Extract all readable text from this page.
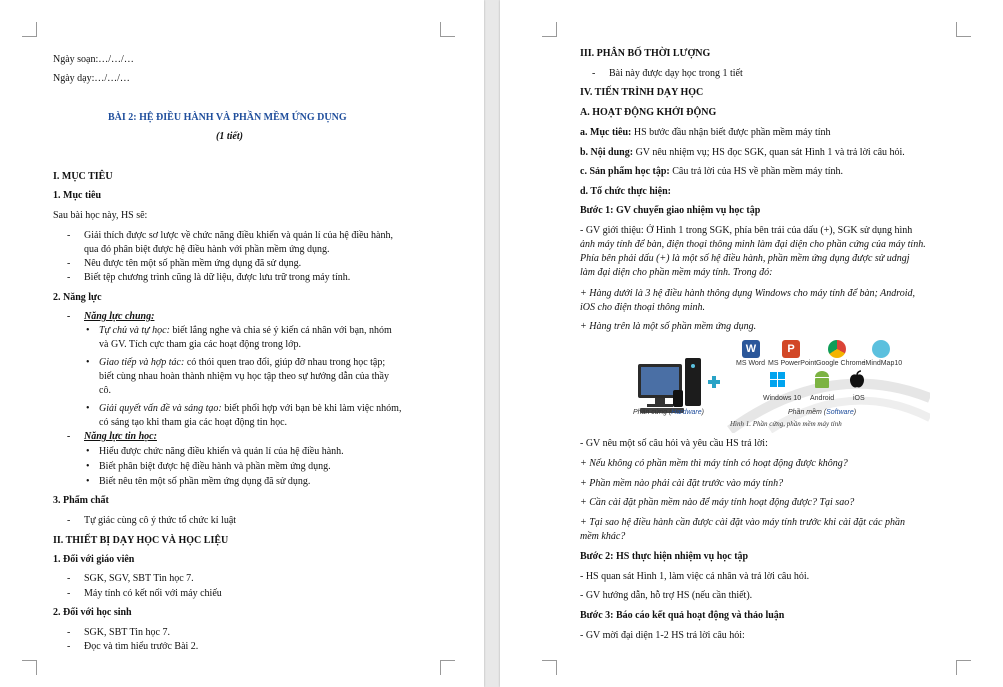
Ngày soạn:…/…/…
Ngày dạy:…/…/…
BÀI 2: HỆ ĐIỀU HÀNH VÀ PHẦN MỀM ỨNG DỤNG
(1 tiết)
I. MỤC TIÊU
1. Mục tiêu
Sau bài học này, HS sẽ:
- Giải thích được sơ lược về chức năng điều khiển và quản lí của hệ điều hành,
qua đó phân biệt được hệ điều hành với phần mềm ứng dụng.
- Nêu được tên một số phần mềm ứng dụng đã sử dụng.
- Biết tệp chương trình cũng là dữ liệu, được lưu trữ trong máy tính.
2. Năng lực
- Năng lực chung:
• Tự chủ và tự học: biết lắng nghe và chia sẻ ý kiến cá nhân với bạn, nhóm
và GV. Tích cực tham gia các hoạt động trong lớp.
• Giao tiếp và hợp tác: có thói quen trao đổi, giúp đỡ nhau trong học tập;
biết cùng nhau hoàn thành nhiệm vụ học tập theo sự hướng dẫn của thầy
cô.
• Giải quyết vấn đề và sáng tạo: biết phối hợp với bạn bè khi làm việc nhóm,
có sáng tạo khi tham gia các hoạt động tin học.
- Năng lực tin học:
• Hiểu được chức năng điều khiển và quản lí của hệ điều hành.
• Biết phân biệt được hệ điều hành và phần mềm ứng dụng.
• Biết nêu tên một số phần mềm ứng dụng đã sử dụng.
3. Phẩm chất
- Tự giác cùng cô ý thức tổ chức kỉ luật
II. THIẾT BỊ DẠY HỌC VÀ HỌC LIỆU
1. Đối với giáo viên
- SGK, SGV, SBT Tin học 7.
- Máy tính có kết nối với máy chiếu
2. Đối với học sinh
- SGK, SBT Tin học 7.
- Đọc và tìm hiểu trước Bài 2.
III. PHÂN BỐ THỜI LƯỢNG
- Bài này được dạy học trong 1 tiết
IV. TIẾN TRÌNH DẠY HỌC
A. HOẠT ĐỘNG KHỞI ĐỘNG
a. Mục tiêu: HS bước đầu nhận biết được phần mềm máy tính
b. Nội dung: GV nêu nhiệm vụ; HS đọc SGK, quan sát Hình 1 và trả lời câu hỏi.
c. Sản phẩm học tập: Câu trả lời của HS về phần mềm máy tính.
d. Tổ chức thực hiện:
Bước 1: GV chuyển giao nhiệm vụ học tập
- GV giới thiệu: Ở Hình 1 trong SGK, phía bên trái của dấu (+), SGK sử dụng hình
ảnh máy tính để bàn, điện thoại thông minh làm đại diện cho phần cứng của máy tính.
Phía bên phải dấu (+) là một số hệ điều hành, phần mềm ứng dụng được sử udngj
làm đại diện cho phần mềm máy tính. Trong đó:
+ Hàng dưới là 3 hệ điều hành thông dụng Windows cho máy tính để bàn; Android,
iOS cho điện thoại thông minh.
+ Hàng trên là một số phần mềm ứng dụng.
- GV nêu một số câu hỏi và yêu cầu HS trả lời:
+ Nếu không có phần mềm thì máy tính có hoạt động được không?
+ Phần mềm nào phải cài đặt trước vào máy tính?
+ Cần cài đặt phần mềm nào để máy tính hoạt động được? Tại sao?
+ Tại sao hệ điều hành cần được cài đặt vào máy tính trước khi cài đặt các phần
mềm khác?
Bước 2: HS thực hiện nhiệm vụ học tập
- HS quan sát Hình 1, làm việc cá nhân và trả lời câu hỏi.
- GV hướng dẫn, hỗ trợ HS (nếu cần thiết).
Bước 3: Báo cáo kết quả hoạt động và thảo luận
- GV mời đại diện 1-2 HS trả lời câu hỏi:
W	P
MS Word MS PowerPoint Google Chrome
iMindMap10
Windows 10 Android	iOS
Phần cứng (Hardware)	Phần mềm (Software)
Hình 1. Phần cứng, phần mềm máy tính
